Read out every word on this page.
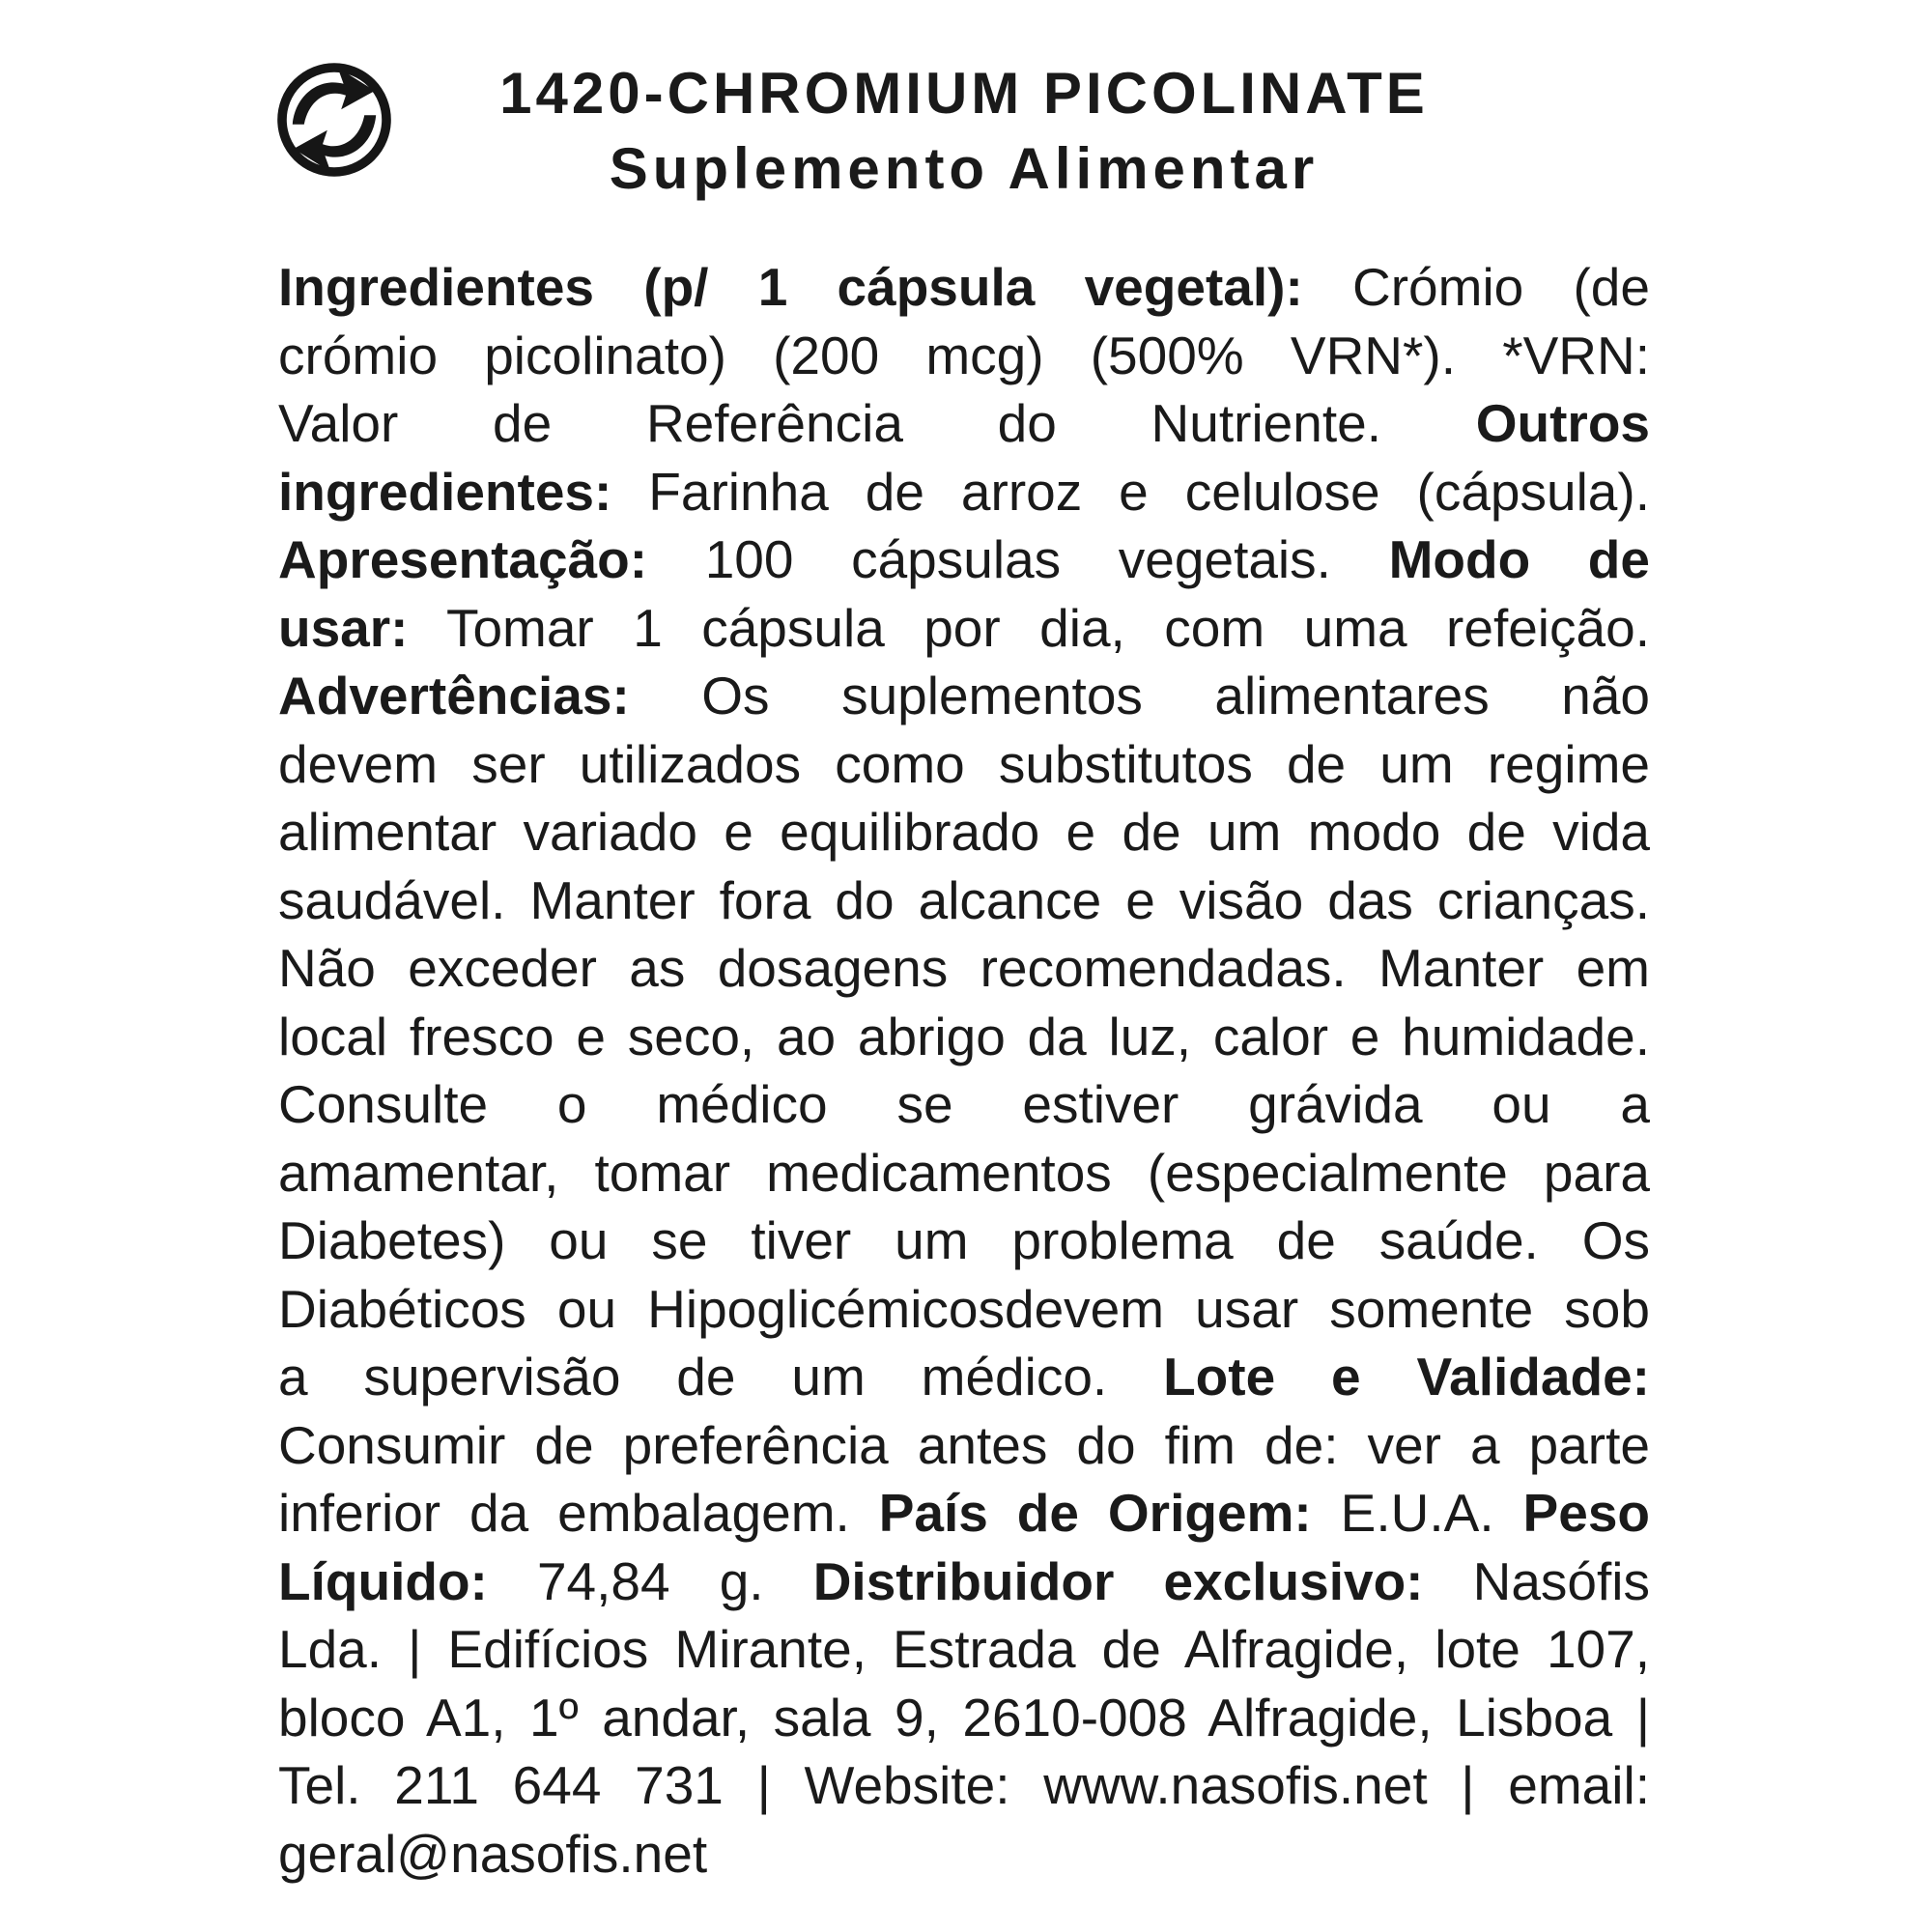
1420-CHROMIUM PICOLINATE
Suplemento Alimentar
Ingredientes (p/ 1 cápsula vegetal): Crómio (de
crómio picolinato) (200 mcg) (500% VRN*). *VRN:
Valor de Referência do Nutriente. Outros
ingredientes: Farinha de arroz e celulose (cápsula).
Apresentação: 100 cápsulas vegetais. Modo de
usar: Tomar 1 cápsula por dia, com uma refeição.
Advertências: Os suplementos alimentares não
devem ser utilizados como substitutos de um regime
alimentar variado e equilibrado e de um modo de vida
saudável. Manter fora do alcance e visão das crianças.
Não exceder as dosagens recomendadas. Manter em
local fresco e seco, ao abrigo da luz, calor e humidade.
Consulte o médico se estiver grávida ou a
amamentar, tomar medicamentos (especialmente para
Diabetes) ou se tiver um problema de saúde. Os
Diabéticos ou Hipoglicémicosdevem usar somente sob
a supervisão de um médico. Lote e Validade:
Consumir de preferência antes do fim de: ver a parte
inferior da embalagem. País de Origem: E.U.A. Peso
Líquido: 74,84 g. Distribuidor exclusivo: Nasófis
Lda. | Edifícios Mirante, Estrada de Alfragide, lote 107,
bloco A1, 1º andar, sala 9, 2610-008 Alfragide, Lisboa |
Tel. 211 644 731 | Website: www.nasofis.net | email:
geral@nasofis.net
